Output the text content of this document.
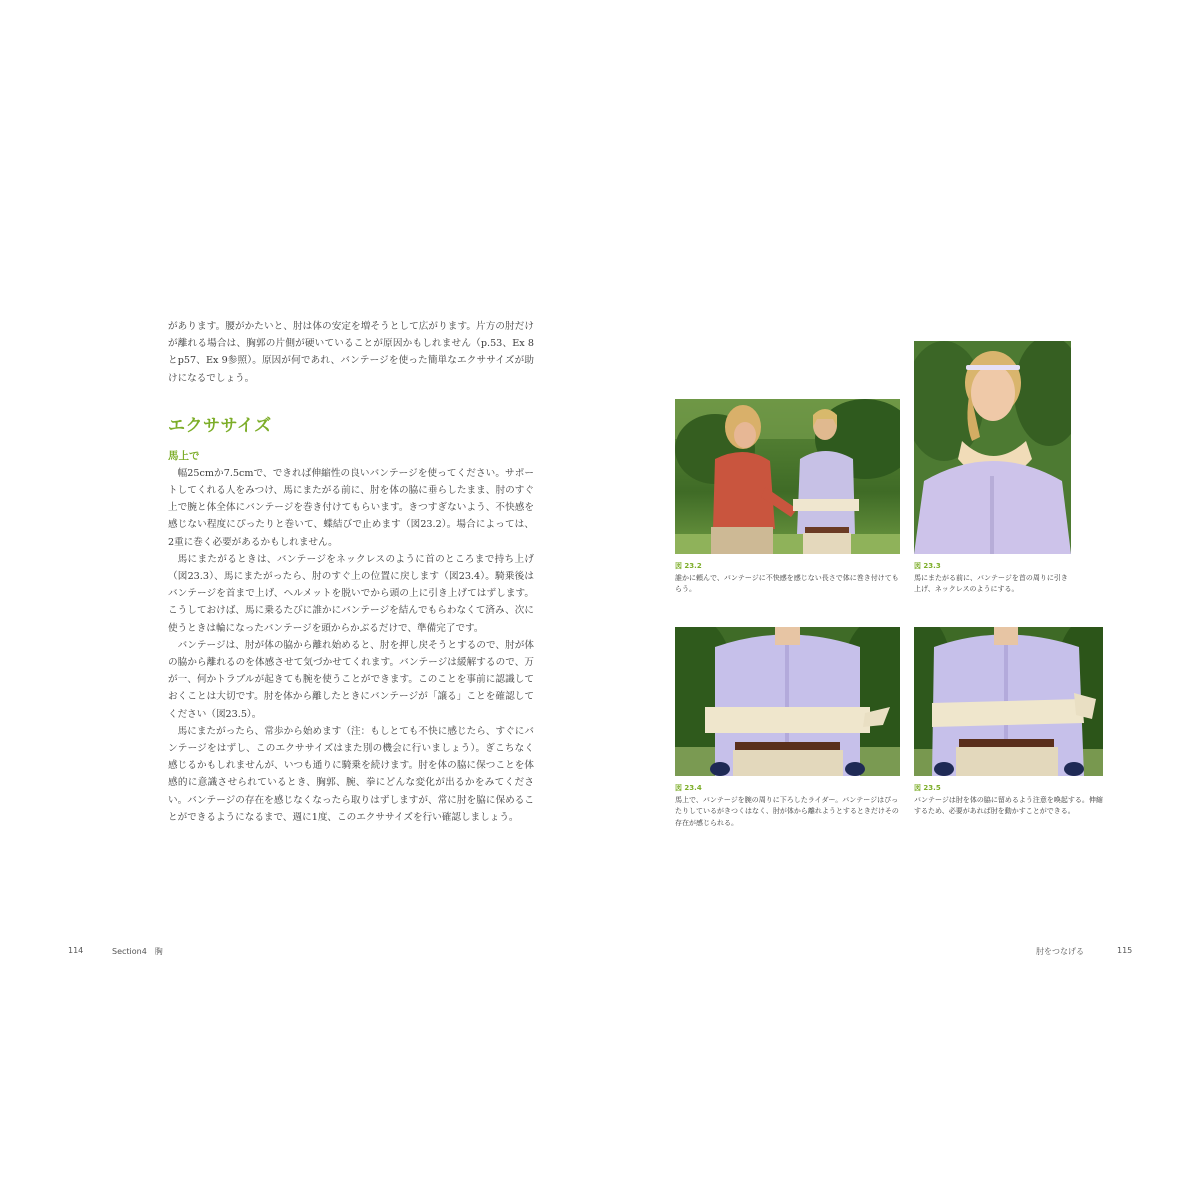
があります。腰がかたいと、肘は体の安定を増そうとして広がります。片方の肘だけが離れる場合は、胸郭の片側が硬いていることが原因かもしれません（p.53、Ex 8とp57、Ex 9参照）。原因が何であれ、バンテージを使った簡単なエクササイズが助けになるでしょう。

エクササイズ
馬上で

幅25cmか7.5cmで、できれば伸縮性の良いバンテージを使ってください。サポートしてくれる人をみつけ、馬にまたがる前に、肘を体の脇に垂らしたまま、肘のすぐ上で腕と体全体にバンテージを巻き付けてもらいます。きつすぎないよう、不快感を感じない程度にぴったりと巻いて、蝶結びで止めます（図23.2）。場合によっては、2重に巻く必要があるかもしれません。

馬にまたがるときは、バンテージをネックレスのように首のところまで持ち上げ（図23.3）、馬にまたがったら、肘のすぐ上の位置に戻します（図23.4）。騎乗後はバンテージを首まで上げ、ヘルメットを脱いでから頭の上に引き上げてはずします。こうしておけば、馬に乗るたびに誰かにバンテージを結んでもらわなくて済み、次に使うときは輪になったバンテージを頭からかぶるだけで、準備完了です。

バンテージは、肘が体の脇から離れ始めると、肘を押し戻そうとするので、肘が体の脇から離れるのを体感させて気づかせてくれます。バンテージは緩解するので、万が一、何かトラブルが起きても腕を使うことができます。このことを事前に認識しておくことは大切です。肘を体から離したときにバンテージが「譲る」ことを確認してください（図23.5）。

馬にまたがったら、常歩から始めます（注：もしとても不快に感じたら、すぐにバンテージをはずし、このエクササイズはまた別の機会に行いましょう）。ぎこちなく感じるかもしれませんが、いつも通りに騎乗を続けます。肘を体の脇に保つことを体感的に意識させられているとき、胸郭、腕、拳にどんな変化が出るかをみてください。バンテージの存在を感じなくなったら取りはずしますが、常に肘を脇に保めることができるようになるまで、週に1度、このエクササイズを行い確認しましょう。

114	Section4　胸
図 23.2
誰かに頼んで、バンテージに不快感を感じない長さで体に巻き付けてもらう。
図 23.3
馬にまたがる前に、バンテージを首の周りに引き上げ、ネックレスのようにする。
図 23.4
馬上で、バンテージを腕の周りに下ろしたライダー。バンテージはぴったりしているがきつくはなく、肘が体から離れようとするときだけその存在が感じられる。
図 23.5
バンテージは肘を体の脇に留めるよう注意を喚起する。伸縮するため、必要があれば肘を動かすことができる。
肘をつなげる	115
